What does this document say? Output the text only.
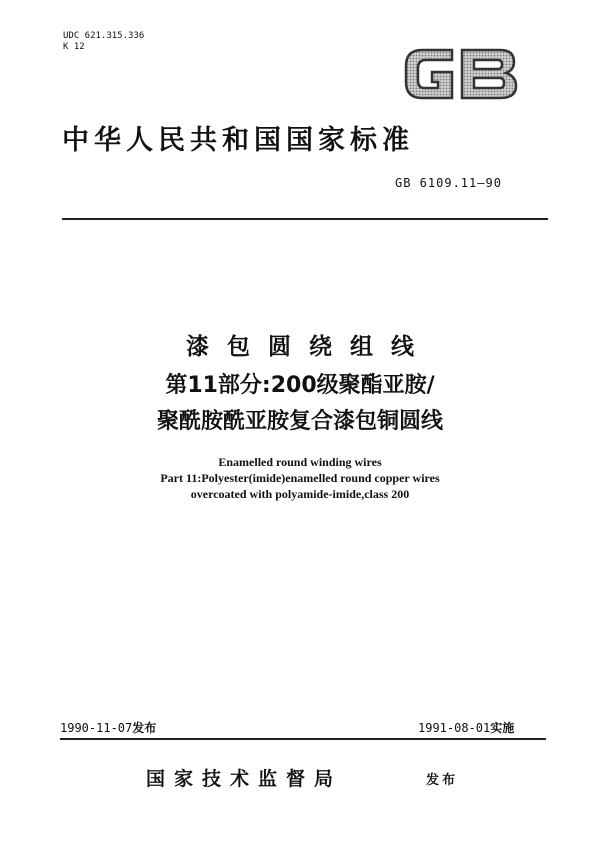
UDC 621.315.336
K 12
中华人民共和国国家标准
GB 6109.11—90
漆包圆绕组线
第11部分:200级聚酯亚胺/
聚酰胺酰亚胺复合漆包铜圆线
Enamelled round winding wires
Part 11:Polyester(imide)enamelled round copper wires
overcoated with polyamide-imide,class 200
1990-11-07发布	1991-08-01实施
国家技术监督局	发布
